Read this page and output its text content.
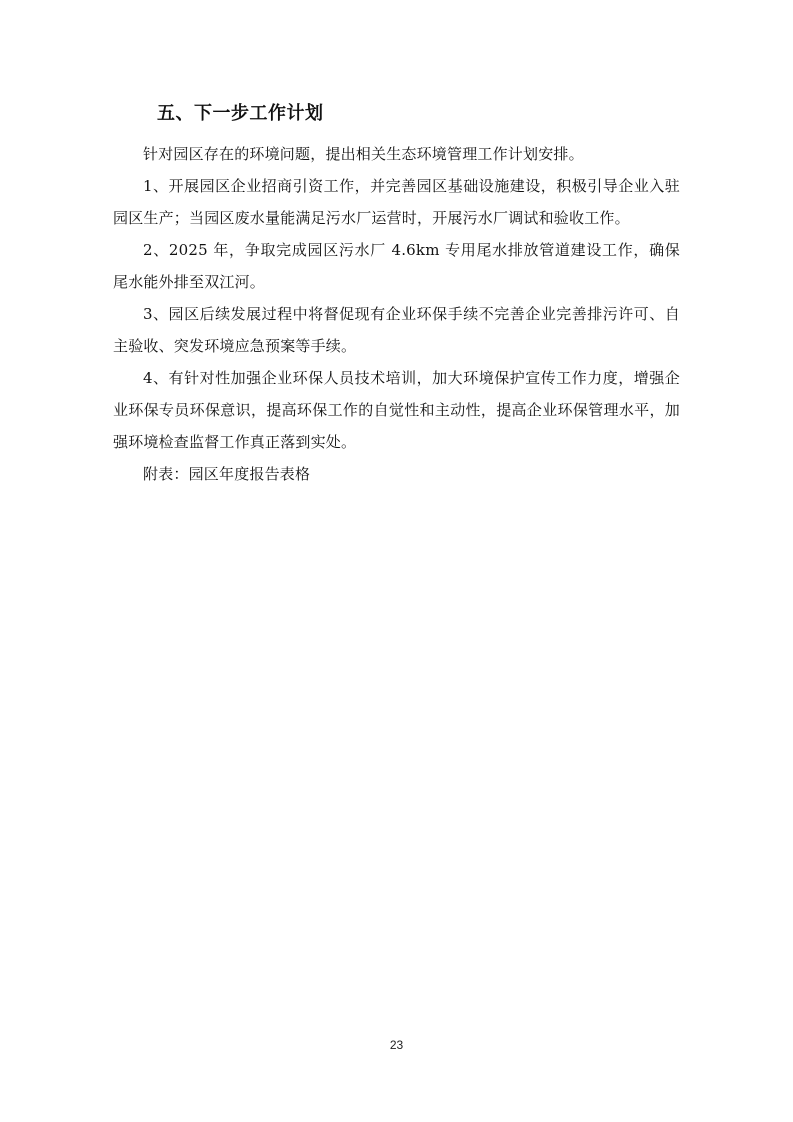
五、下一步工作计划

针对园区存在的环境问题，提出相关生态环境管理工作计划安排。

1、开展园区企业招商引资工作，并完善园区基础设施建设，积极引导企业入驻园区生产；当园区废水量能满足污水厂运营时，开展污水厂调试和验收工作。

2、2025 年，争取完成园区污水厂 4.6km 专用尾水排放管道建设工作，确保尾水能外排至双江河。

3、园区后续发展过程中将督促现有企业环保手续不完善企业完善排污许可、自主验收、突发环境应急预案等手续。

4、有针对性加强企业环保人员技术培训，加大环境保护宣传工作力度，增强企业环保专员环保意识，提高环保工作的自觉性和主动性，提高企业环保管理水平，加强环境检查监督工作真正落到实处。

附表：园区年度报告表格

23
